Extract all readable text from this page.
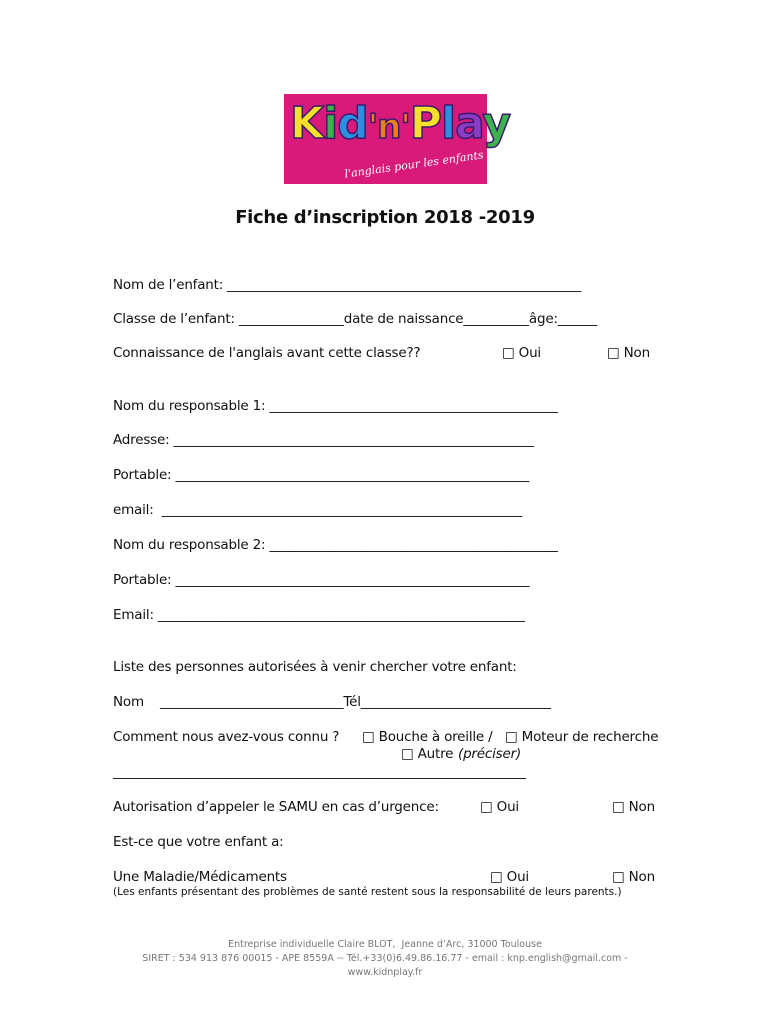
Kid'n'Play
l'anglais pour les enfants
Fiche d’inscription 2018 -2019
Nom de l’enfant: ______________________________________________________
Classe de l’enfant: ________________date de naissance__________âge:______
Connaissance de l'anglais avant cette classe??	□ Oui	□ Non
Nom du responsable 1: ____________________________________________
Adresse: _______________________________________________________
Portable: ______________________________________________________
email:  _______________________________________________________
Nom du responsable 2: ____________________________________________
Portable: ______________________________________________________
Email: ________________________________________________________
Liste des personnes autorisées à venir chercher votre enfant:
Nom ____________________________Tél_____________________________
Comment nous avez-vous connu ? □ Bouche à oreille / □ Moteur de recherche
□ Autre (préciser)
_______________________________________________________________
Autorisation d’appeler le SAMU en cas d’urgence:	□ Oui	□ Non
Est-ce que votre enfant a:
Une Maladie/Médicaments	□ Oui	□ Non
(Les enfants présentant des problèmes de santé restent sous la responsabilité de leurs parents.)
Entreprise individuelle Claire BLOT,  Jeanne d’Arc, 31000 Toulouse
SIRET : 534 913 876 00015 - APE 8559A -- Tél.+33(0)6.49.86.16.77 - email : knp.english@gmail.com -
www.kidnplay.fr
